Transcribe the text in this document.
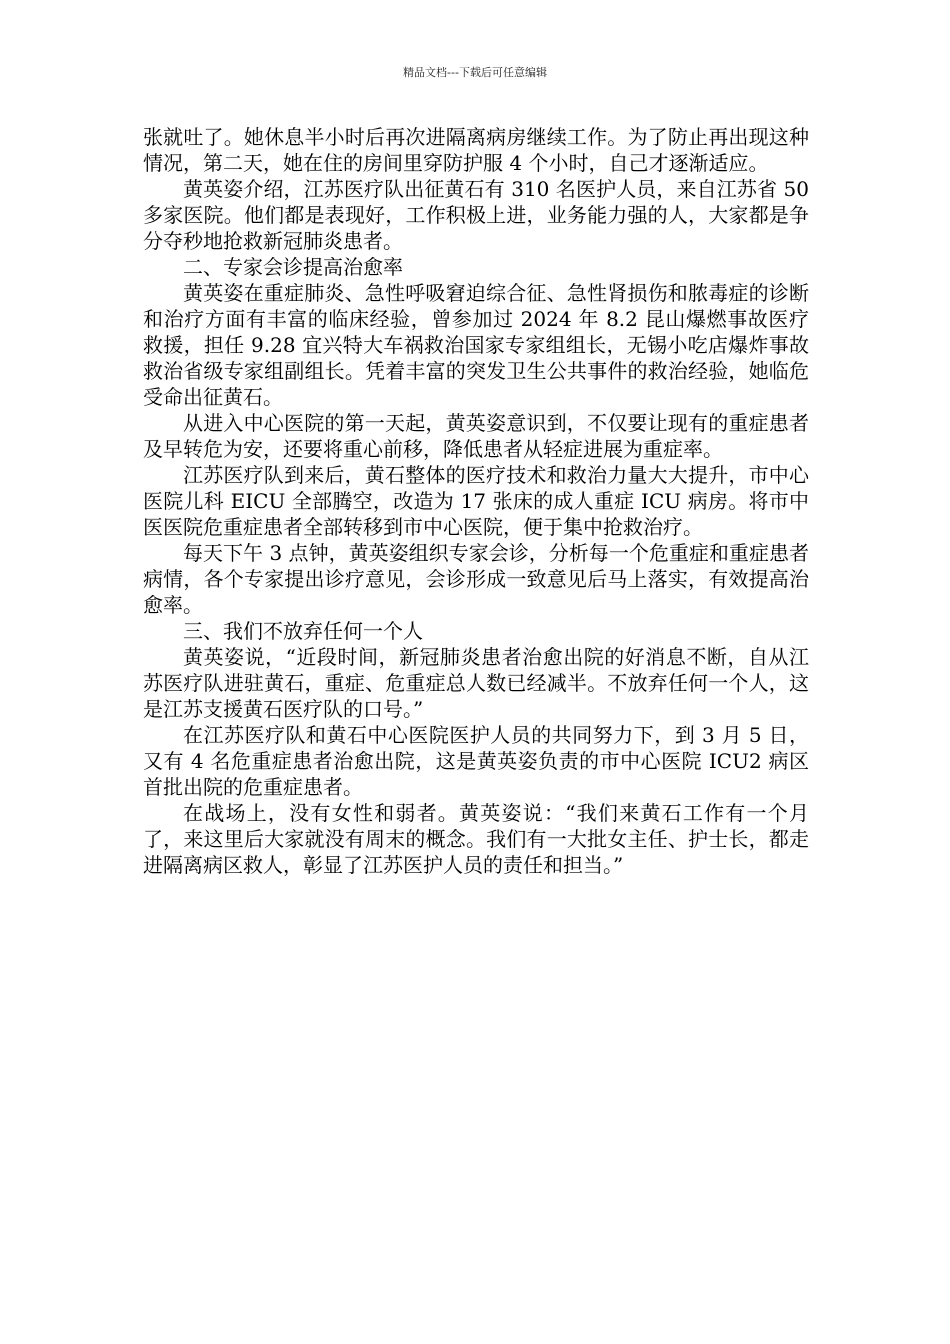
精品文档---下载后可任意编辑

张就吐了。她休息半小时后再次进隔离病房继续工作。为了防止再出现这种情况，第二天，她在住的房间里穿防护服 4 个小时，自己才逐渐适应。

黄英姿介绍，江苏医疗队出征黄石有 310 名医护人员，来自江苏省 50 多家医院。他们都是表现好，工作积极上进，业务能力强的人，大家都是争分夺秒地抢救新冠肺炎患者。

二、专家会诊提高治愈率

黄英姿在重症肺炎、急性呼吸窘迫综合征、急性肾损伤和脓毒症的诊断和治疗方面有丰富的临床经验，曾参加过 2024 年 8.2 昆山爆燃事故医疗救援，担任 9.28 宜兴特大车祸救治国家专家组组长，无锡小吃店爆炸事故救治省级专家组副组长。凭着丰富的突发卫生公共事件的救治经验，她临危受命出征黄石。

从进入中心医院的第一天起，黄英姿意识到，不仅要让现有的重症患者及早转危为安，还要将重心前移，降低患者从轻症进展为重症率。

江苏医疗队到来后，黄石整体的医疗技术和救治力量大大提升，市中心医院儿科 EICU 全部腾空，改造为 17 张床的成人重症 ICU 病房。将市中医医院危重症患者全部转移到市中心医院，便于集中抢救治疗。

每天下午 3 点钟，黄英姿组织专家会诊，分析每一个危重症和重症患者病情，各个专家提出诊疗意见，会诊形成一致意见后马上落实，有效提高治愈率。

三、我们不放弃任何一个人

黄英姿说，“近段时间，新冠肺炎患者治愈出院的好消息不断，自从江苏医疗队进驻黄石，重症、危重症总人数已经减半。不放弃任何一个人，这是江苏支援黄石医疗队的口号。”

在江苏医疗队和黄石中心医院医护人员的共同努力下，到 3 月 5 日，又有 4 名危重症患者治愈出院，这是黄英姿负责的市中心医院 ICU2 病区首批出院的危重症患者。

在战场上，没有女性和弱者。黄英姿说：“我们来黄石工作有一个月了，来这里后大家就没有周末的概念。我们有一大批女主任、护士长，都走进隔离病区救人，彰显了江苏医护人员的责任和担当。”
